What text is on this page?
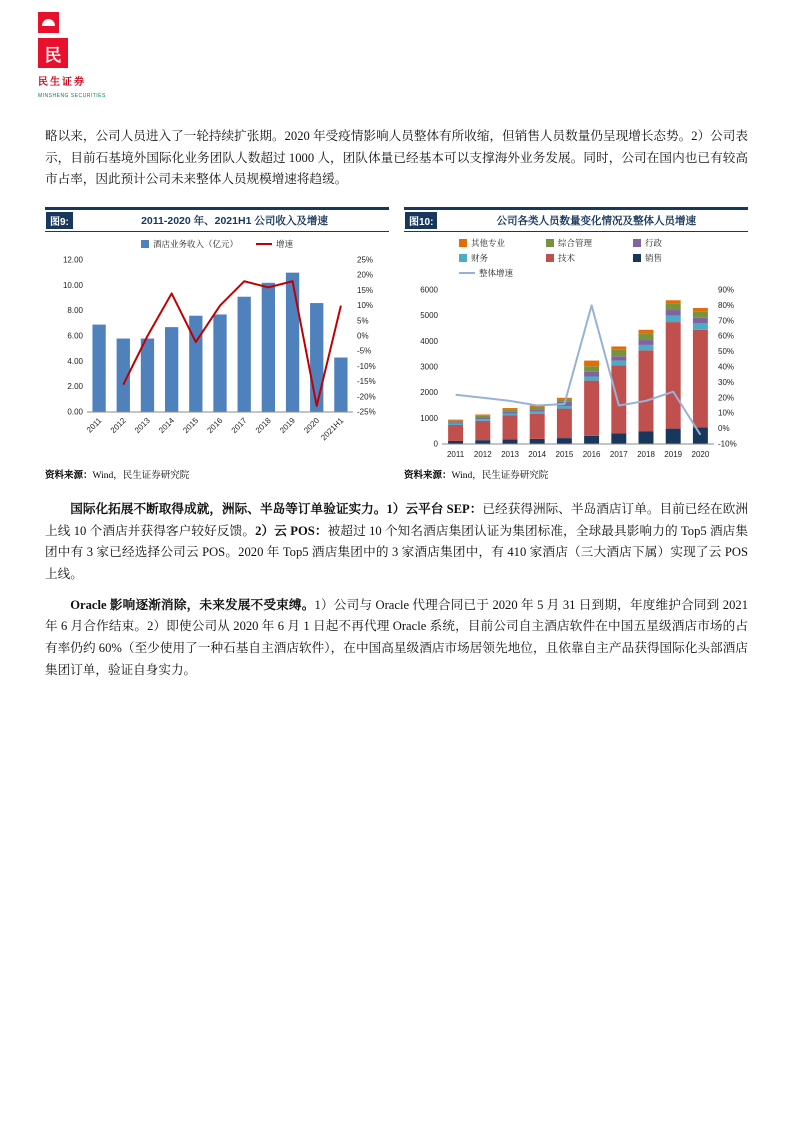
民
民生证券
MINSHENG SECURITIES

略以来，公司人员进入了一轮持续扩张期。2020 年受疫情影响人员整体有所收缩，但销售人员数量仍呈现增长态势。2）公司表示，目前石基境外国际化业务团队人数超过 1000 人，团队体量已经基本可以支撑海外业务发展。同时，公司在国内也已有较高市占率，因此预计公司未来整体人员规模增速将趋缓。

图9:	2011-2020 年、2021H1 公司收入及增速
酒店业务收入（亿元）	增速
0.00
2.00
4.00
6.00
8.00
10.00
12.00
-25%
-20%
-15%
-10%
-5%
0%
5%
10%
15%
20%
25%
2011 2012 2013 2014 2015 2016 2017 2018 2019 2020
2021H1
资料来源：Wind，民生证券研究院
图10:	公司各类人员数量变化情况及整体人员增速
其他专业	综合管理	行政
财务	技术	销售
整体增速
0
1000
2000
3000
4000
5000
6000
-10%
0%
10%
20%
30%
40%
50%
60%
70%
80%
90%
2011 2012 2013 2014 2015 2016 2017 2018 2019 2020
资料来源：Wind，民生证券研究院

国际化拓展不断取得成就，洲际、半岛等订单验证实力。1）云平台 SEP：已经获得洲际、半岛酒店订单。目前已经在欧洲上线 10 个酒店并获得客户较好反馈。2）云 POS：被超过 10 个知名酒店集团认证为集团标准，全球最具影响力的 Top5 酒店集团中有 3 家已经选择公司云 POS。2020 年 Top5 酒店集团中的 3 家酒店集团中，有 410 家酒店（三大酒店下属）实现了云 POS 上线。

Oracle 影响逐渐消除，未来发展不受束缚。1）公司与 Oracle 代理合同已于 2020 年 5 月 31 日到期，年度维护合同到 2021 年 6 月合作结束。2）即使公司从 2020 年 6 月 1 日起不再代理 Oracle 系统，目前公司自主酒店软件在中国五星级酒店市场的占有率仍约 60%（至少使用了一种石基自主酒店软件），在中国高星级酒店市场居领先地位，且依靠自主产品获得国际化头部酒店集团订单，验证自身实力。
